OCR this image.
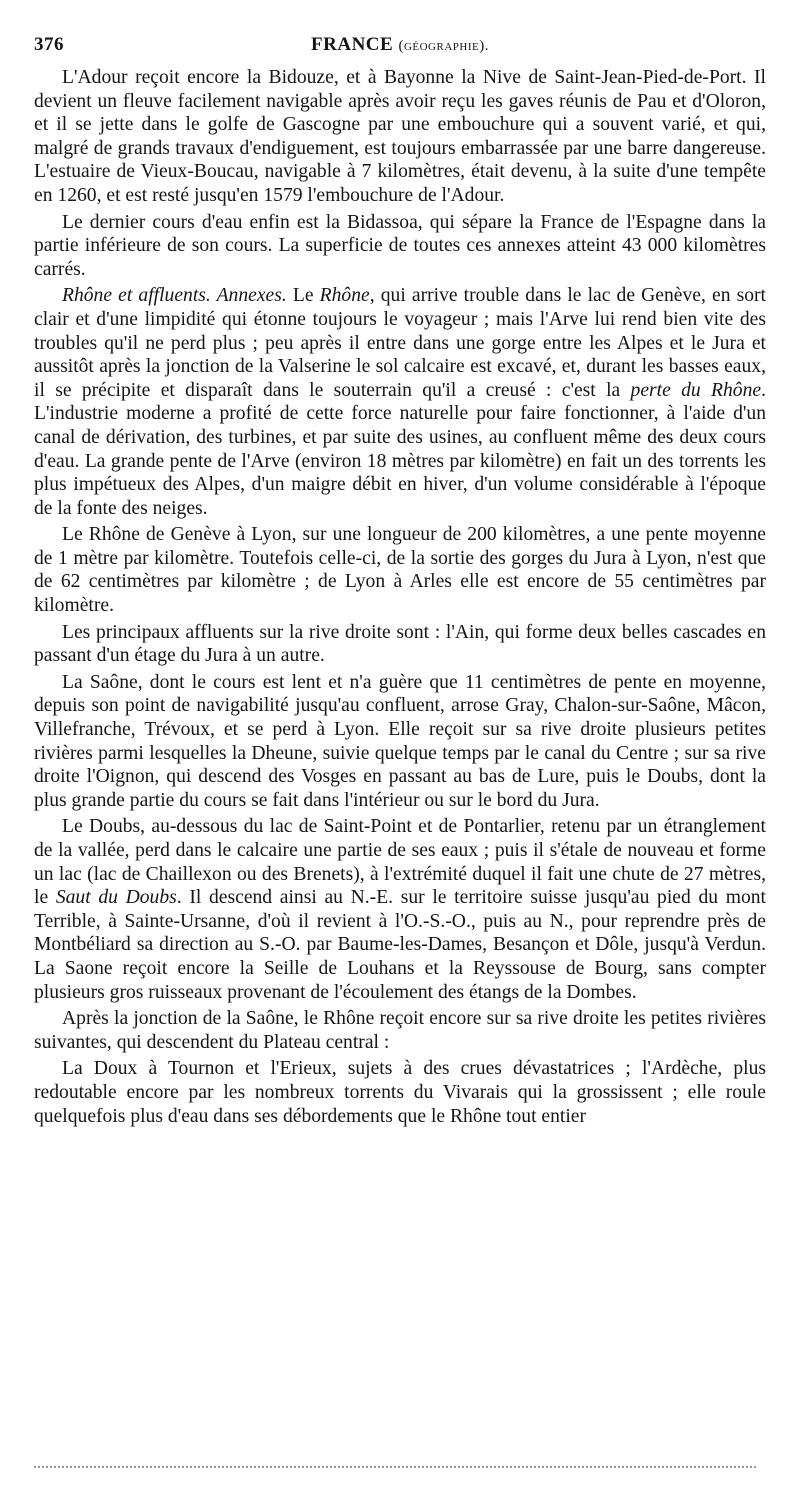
376	FRANCE (géographie).

L'Adour reçoit encore la Bidouze, et à Bayonne la Nive de Saint-Jean-Pied-de-Port. Il devient un fleuve facilement navigable après avoir reçu les gaves réunis de Pau et d'Oloron, et il se jette dans le golfe de Gascogne par une embouchure qui a souvent varié, et qui, malgré de grands travaux d'endiguement, est toujours embarrassée par une barre dangereuse. L'estuaire de Vieux-Boucau, navigable à 7 kilomètres, était devenu, à la suite d'une tempête en 1260, et est resté jusqu'en 1579 l'embouchure de l'Adour.

Le dernier cours d'eau enfin est la Bidassoa, qui sépare la France de l'Espagne dans la partie inférieure de son cours. La superficie de toutes ces annexes atteint 43 000 kilomètres carrés.

Rhône et affluents. Annexes. Le Rhône, qui arrive trouble dans le lac de Genève, en sort clair et d'une limpidité qui étonne toujours le voyageur ; mais l'Arve lui rend bien vite des troubles qu'il ne perd plus ; peu après il entre dans une gorge entre les Alpes et le Jura et aussitôt après la jonction de la Valserine le sol calcaire est excavé, et, durant les basses eaux, il se précipite et disparaît dans le souterrain qu'il a creusé : c'est la perte du Rhône. L'industrie moderne a profité de cette force naturelle pour faire fonctionner, à l'aide d'un canal de dérivation, des turbines, et par suite des usines, au confluent même des deux cours d'eau. La grande pente de l'Arve (environ 18 mètres par kilomètre) en fait un des torrents les plus impétueux des Alpes, d'un maigre débit en hiver, d'un volume considérable à l'époque de la fonte des neiges.

Le Rhône de Genève à Lyon, sur une longueur de 200 kilomètres, a une pente moyenne de 1 mètre par kilomètre. Toutefois celle-ci, de la sortie des gorges du Jura à Lyon, n'est que de 62 centimètres par kilomètre ; de Lyon à Arles elle est encore de 55 centimètres par kilomètre.

Les principaux affluents sur la rive droite sont : l'Ain, qui forme deux belles cascades en passant d'un étage du Jura à un autre.

La Saône, dont le cours est lent et n'a guère que 11 centimètres de pente en moyenne, depuis son point de navigabilité jusqu'au confluent, arrose Gray, Chalon-sur-Saône, Mâcon, Villefranche, Trévoux, et se perd à Lyon. Elle reçoit sur sa rive droite plusieurs petites rivières parmi lesquelles la Dheune, suivie quelque temps par le canal du Centre ; sur sa rive droite l'Oignon, qui descend des Vosges en passant au bas de Lure, puis le Doubs, dont la plus grande partie du cours se fait dans l'intérieur ou sur le bord du Jura.

Le Doubs, au-dessous du lac de Saint-Point et de Pontarlier, retenu par un étranglement de la vallée, perd dans le calcaire une partie de ses eaux ; puis il s'étale de nouveau et forme un lac (lac de Chaillexon ou des Brenets), à l'extrémité duquel il fait une chute de 27 mètres, le Saut du Doubs. Il descend ainsi au N.-E. sur le territoire suisse jusqu'au pied du mont Terrible, à Sainte-Ursanne, d'où il revient à l'O.-S.-O., puis au N., pour reprendre près de Montbéliard sa direction au S.-O. par Baume-les-Dames, Besançon et Dôle, jusqu'à Verdun. La Saone reçoit encore la Seille de Louhans et la Reyssouse de Bourg, sans compter plusieurs gros ruisseaux provenant de l'écoulement des étangs de la Dombes.

Après la jonction de la Saône, le Rhône reçoit encore sur sa rive droite les petites rivières suivantes, qui descendent du Plateau central :

La Doux à Tournon et l'Erieux, sujets à des crues dévastatrices ; l'Ardèche, plus redoutable encore par les nombreux torrents du Vivarais qui la grossissent ; elle roule quelquefois plus d'eau dans ses débordements que le Rhône tout entier
